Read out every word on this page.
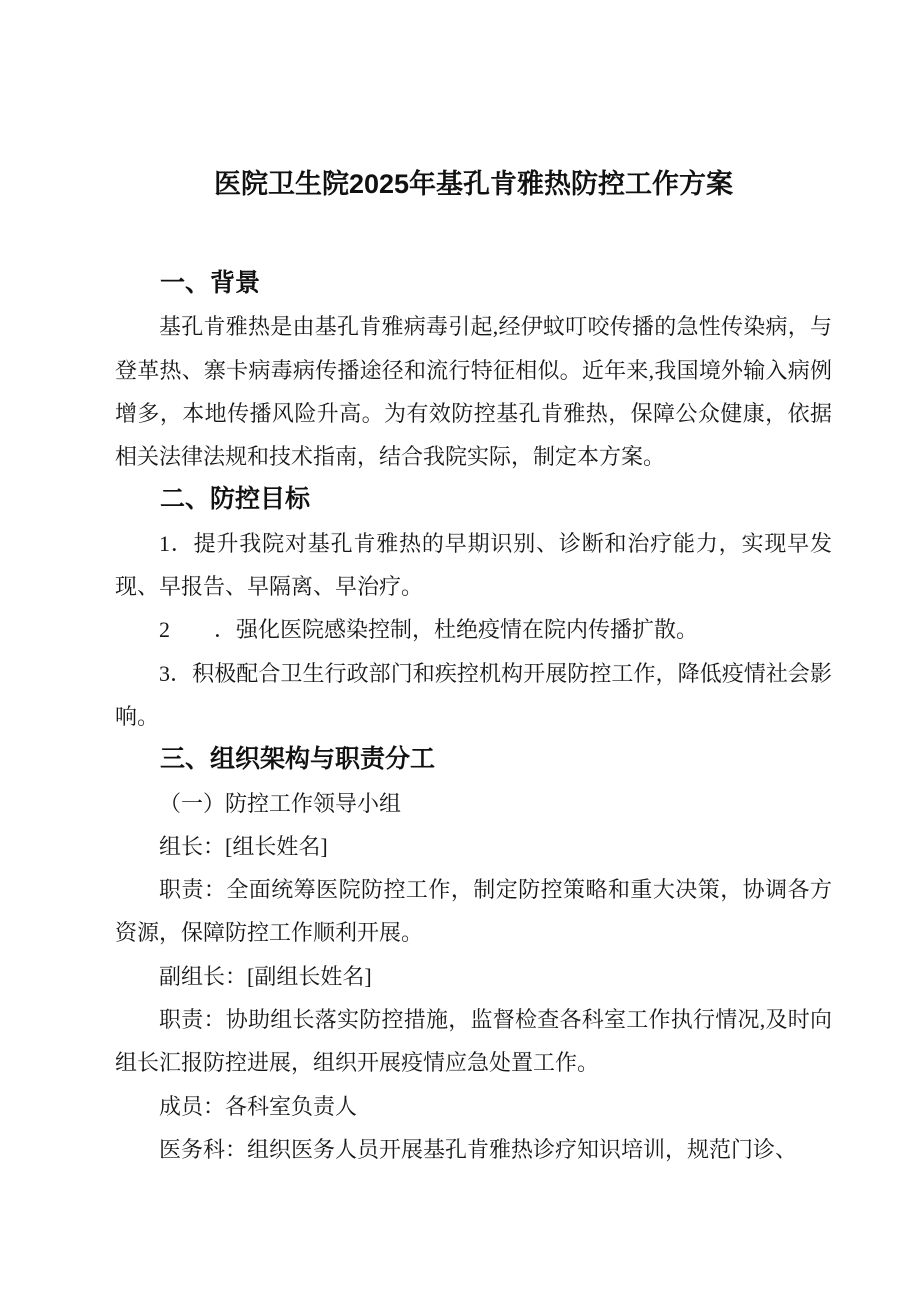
医院卫生院2025年基孔肯雅热防控工作方案
一、背景

基孔肯雅热是由基孔肯雅病毒引起,经伊蚊叮咬传播的急性传染病，与登革热、寨卡病毒病传播途径和流行特征相似。近年来,我国境外输入病例增多，本地传播风险升高。为有效防控基孔肯雅热，保障公众健康，依据相关法律法规和技术指南，结合我院实际，制定本方案。

二、防控目标

1．提升我院对基孔肯雅热的早期识别、诊断和治疗能力，实现早发现、早报告、早隔离、早治疗。

2　　．强化医院感染控制，杜绝疫情在院内传播扩散。

3．积极配合卫生行政部门和疾控机构开展防控工作，降低疫情社会影响。

三、组织架构与职责分工

（一）防控工作领导小组

组长：[组长姓名]

职责：全面统筹医院防控工作，制定防控策略和重大决策，协调各方资源，保障防控工作顺利开展。

副组长：[副组长姓名]

职责：协助组长落实防控措施，监督检查各科室工作执行情况,及时向组长汇报防控进展，组织开展疫情应急处置工作。

成员：各科室负责人

医务科：组织医务人员开展基孔肯雅热诊疗知识培训，规范门诊、
